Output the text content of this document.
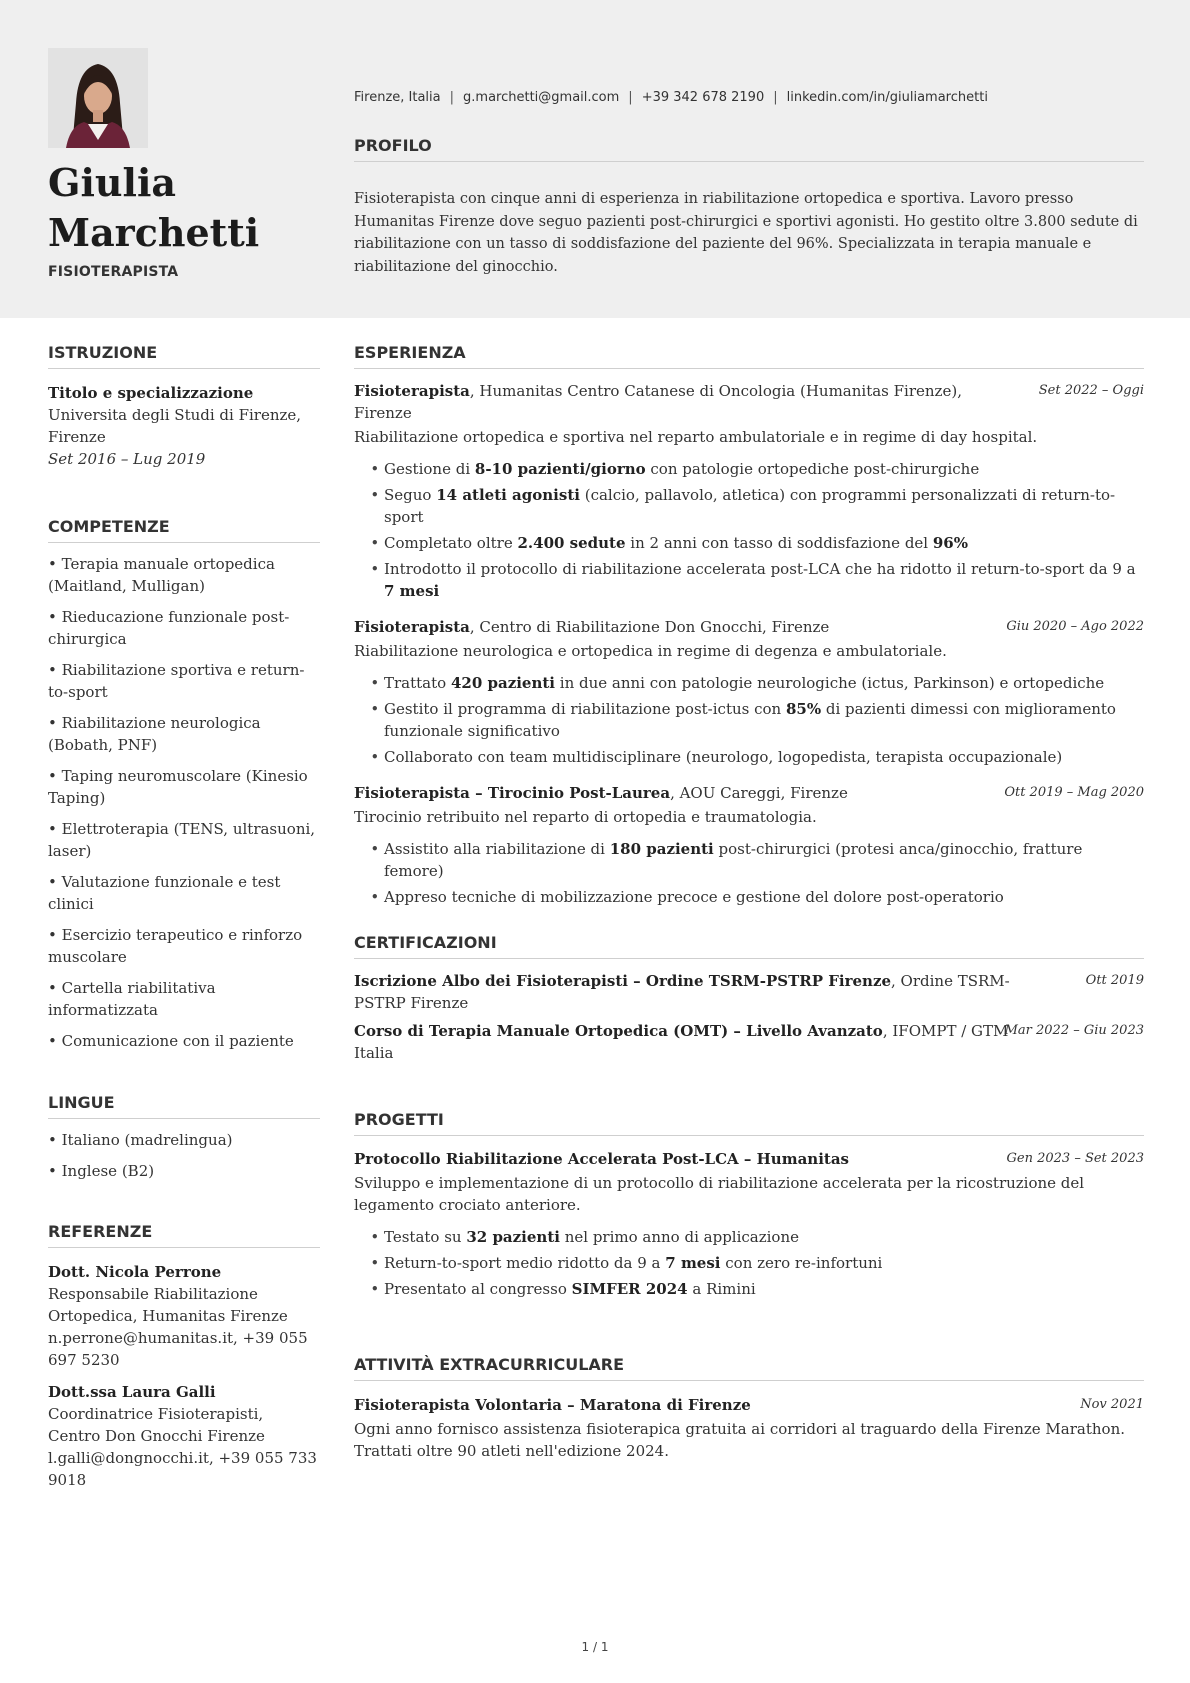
Giulia
Marchetti
FISIOTERAPISTA
Firenze, Italia | g.marchetti@gmail.com | +39 342 678 2190 | linkedin.com/in/giuliamarchetti
PROFILO
Fisioterapista con cinque anni di esperienza in riabilitazione ortopedica e sportiva. Lavoro presso Humanitas Firenze dove seguo pazienti post-chirurgici e sportivi agonisti. Ho gestito oltre 3.800 sedute di riabilitazione con un tasso di soddisfazione del paziente del 96%. Specializzata in terapia manuale e riabilitazione del ginocchio.
ISTRUZIONE

Titolo e specializzazione

Universita degli Studi di Firenze, Firenze

Set 2016 – Lug 2019

COMPETENZE
• Terapia manuale ortopedica (Maitland, Mulligan)
• Rieducazione funzionale post-chirurgica
• Riabilitazione sportiva e return-to-sport
• Riabilitazione neurologica (Bobath, PNF)
• Taping neuromuscolare (Kinesio Taping)
• Elettroterapia (TENS, ultrasuoni, laser)
• Valutazione funzionale e test clinici
• Esercizio terapeutico e rinforzo muscolare
• Cartella riabilitativa informatizzata
• Comunicazione con il paziente
LINGUE
• Italiano (madrelingua)
• Inglese (B2)
REFERENZE

Dott. Nicola Perrone

Responsabile Riabilitazione Ortopedica, Humanitas Firenze

n.perrone@humanitas.it, +39 055 697 5230

Dott.ssa Laura Galli

Coordinatrice Fisioterapisti, Centro Don Gnocchi Firenze

l.galli@dongnocchi.it, +39 055 733 9018

ESPERIENZA
Fisioterapista, Humanitas Centro Catanese di Oncologia (Humanitas Firenze), Firenze
Set 2022 – Oggi

Riabilitazione ortopedica e sportiva nel reparto ambulatoriale e in regime di day hospital.

• Gestione di 8-10 pazienti/giorno con patologie ortopediche post-chirurgiche
• Seguo 14 atleti agonisti (calcio, pallavolo, atletica) con programmi personalizzati di return-to-sport
• Completato oltre 2.400 sedute in 2 anni con tasso di soddisfazione del 96%
• Introdotto il protocollo di riabilitazione accelerata post-LCA che ha ridotto il return-to-sport da 9 a 7 mesi
Fisioterapista, Centro di Riabilitazione Don Gnocchi, Firenze	Giu 2020 – Ago 2022

Riabilitazione neurologica e ortopedica in regime di degenza e ambulatoriale.

• Trattato 420 pazienti in due anni con patologie neurologiche (ictus, Parkinson) e ortopediche
• Gestito il programma di riabilitazione post-ictus con 85% di pazienti dimessi con miglioramento funzionale significativo
• Collaborato con team multidisciplinare (neurologo, logopedista, terapista occupazionale)
Fisioterapista – Tirocinio Post-Laurea, AOU Careggi, Firenze	Ott 2019 – Mag 2020

Tirocinio retribuito nel reparto di ortopedia e traumatologia.

• Assistito alla riabilitazione di 180 pazienti post-chirurgici (protesi anca/ginocchio, fratture femore)
• Appreso tecniche di mobilizzazione precoce e gestione del dolore post-operatorio
CERTIFICAZIONI
Iscrizione Albo dei Fisioterapisti – Ordine TSRM-PSTRP Firenze, Ordine TSRM-PSTRP Firenze
Ott 2019
Corso di Terapia Manuale Ortopedica (OMT) – Livello Avanzato, IFOMPT / GTM Italia
Mar 2022 – Giu 2023
PROGETTI
Protocollo Riabilitazione Accelerata Post-LCA – Humanitas	Gen 2023 – Set 2023

Sviluppo e implementazione di un protocollo di riabilitazione accelerata per la ricostruzione del legamento crociato anteriore.

• Testato su 32 pazienti nel primo anno di applicazione
• Return-to-sport medio ridotto da 9 a 7 mesi con zero re-infortuni
• Presentato al congresso SIMFER 2024 a Rimini
ATTIVITÀ EXTRACURRICULARE
Fisioterapista Volontaria – Maratona di Firenze	Nov 2021

Ogni anno fornisco assistenza fisioterapica gratuita ai corridori al traguardo della Firenze Marathon. Trattati oltre 90 atleti nell'edizione 2024.

1 / 1
